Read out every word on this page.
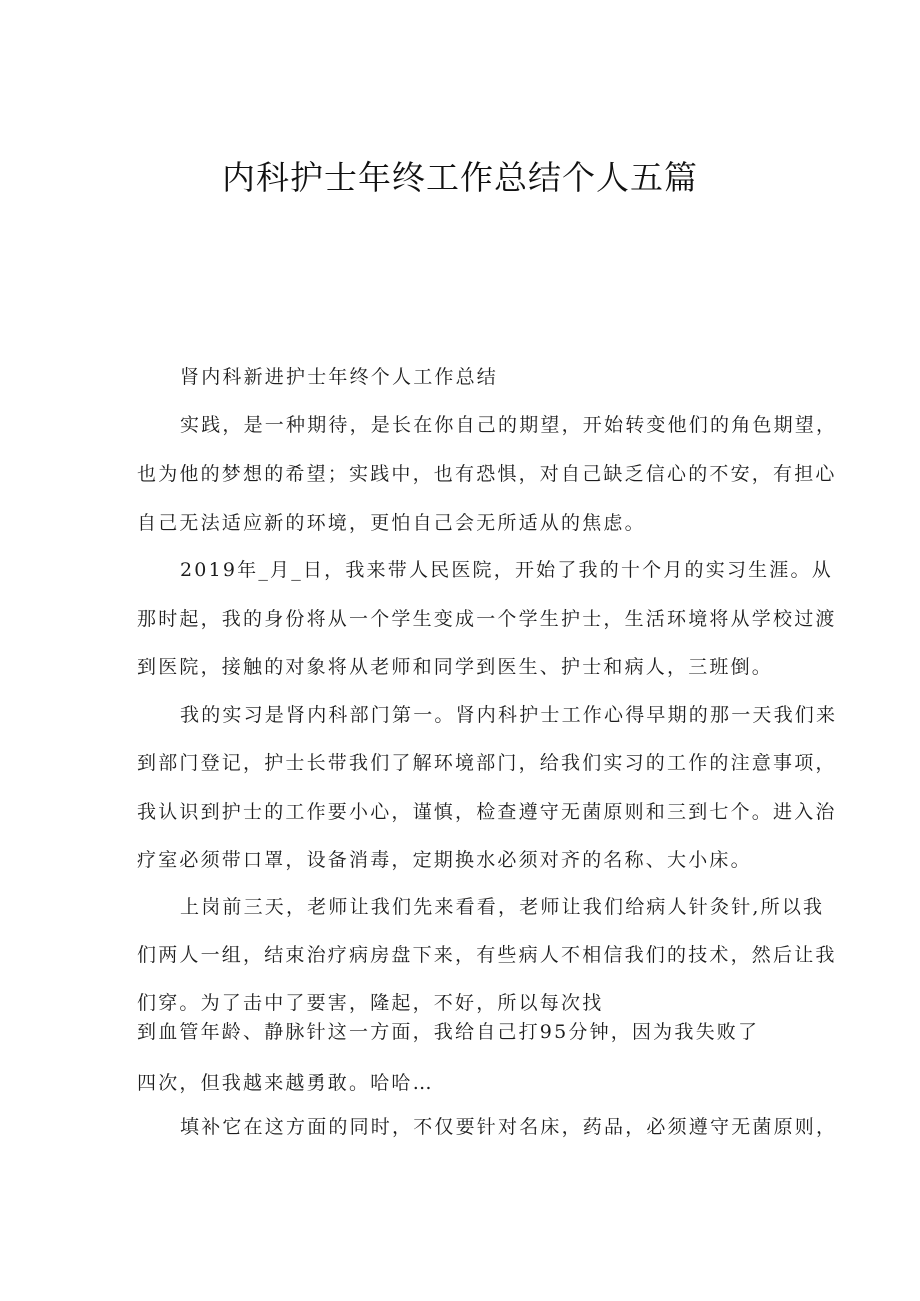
内科护士年终工作总结个人五篇
肾内科新进护士年终个人工作总结
实践，是一种期待，是长在你自己的期望，开始转变他们的角色期望，
也为他的梦想的希望；实践中，也有恐惧，对自己缺乏信心的不安，有担心
自己无法适应新的环境，更怕自己会无所适从的焦虑。
2019年_月_日，我来带人民医院，开始了我的十个月的实习生涯。从
那时起，我的身份将从一个学生变成一个学生护士，生活环境将从学校过渡
到医院，接触的对象将从老师和同学到医生、护士和病人，三班倒。
我的实习是肾内科部门第一。肾内科护士工作心得早期的那一天我们来
到部门登记，护士长带我们了解环境部门，给我们实习的工作的注意事项，
我认识到护士的工作要小心，谨慎，检查遵守无菌原则和三到七个。进入治
疗室必须带口罩，设备消毒，定期换水必须对齐的名称、大小床。
上岗前三天，老师让我们先来看看，老师让我们给病人针灸针,所以我
们两人一组，结束治疗病房盘下来，有些病人不相信我们的技术，然后让我
们穿。为了击中了要害，隆起，不好，所以每次找
到血管年龄、静脉针这一方面，我给自己打95分钟，因为我失败了
四次，但我越来越勇敢。哈哈…
填补它在这方面的同时，不仅要针对名床，药品，必须遵守无菌原则，
